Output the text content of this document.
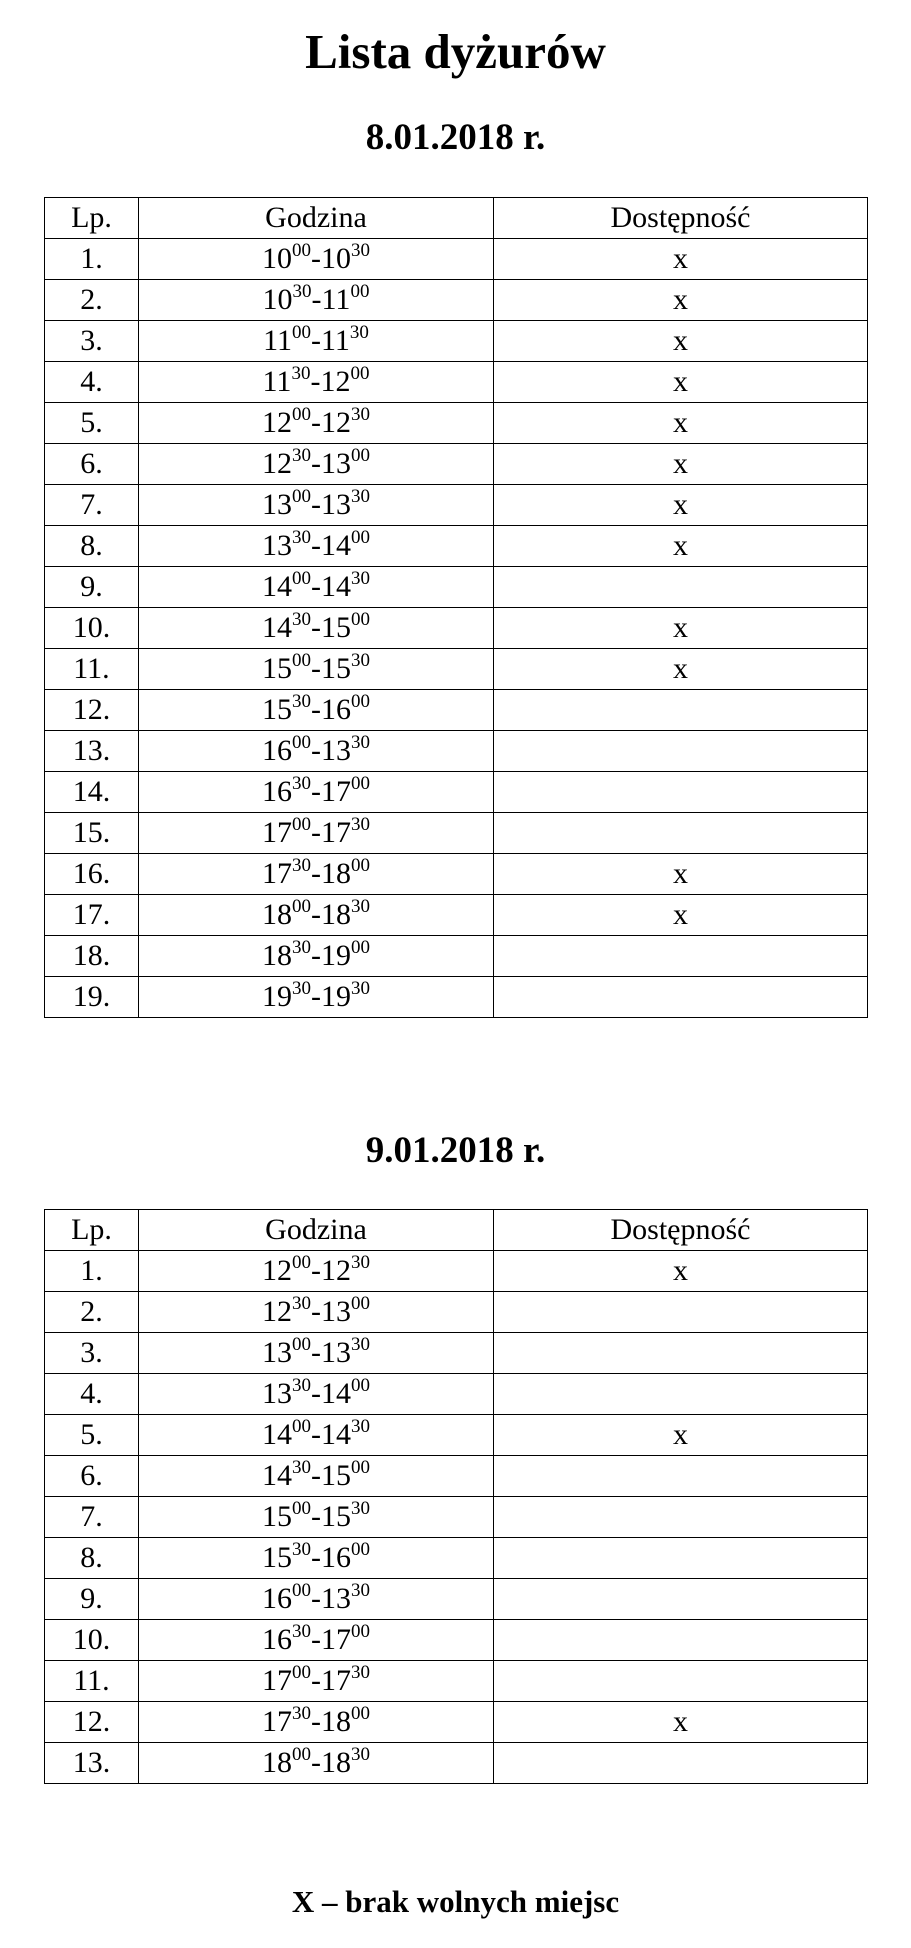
Lista dyżurów
8.01.2018 r.
Lp.	Godzina	Dostępność
1.	$10^{00}-10^{30}$	x
2.	$10^{30}-11^{00}$	x
3.	$11^{00}-11^{30}$	x
4.	$11^{30}-12^{00}$	x
5.	$12^{00}-12^{30}$	x
6.	$12^{30}-13^{00}$	x
7.	$13^{00}-13^{30}$	x
8.	$13^{30}-14^{00}$	x
9.	$14^{00}-14^{30}$	
10.	$14^{30}-15^{00}$	x
11.	$15^{00}-15^{30}$	x
12.	$15^{30}-16^{00}$	
13.	$16^{00}-13^{30}$	
14.	$16^{30}-17^{00}$	
15.	$17^{00}-17^{30}$	
16.	$17^{30}-18^{00}$	x
17.	$18^{00}-18^{30}$	x
18.	$18^{30}-19^{00}$	
19.	$19^{30}-19^{30}$	
9.01.2018 r.
Lp.	Godzina	Dostępność
1.	$12^{00}-12^{30}$	x
2.	$12^{30}-13^{00}$	
3.	$13^{00}-13^{30}$	
4.	$13^{30}-14^{00}$	
5.	$14^{00}-14^{30}$	x
6.	$14^{30}-15^{00}$	
7.	$15^{00}-15^{30}$	
8.	$15^{30}-16^{00}$	
9.	$16^{00}-13^{30}$	
10.	$16^{30}-17^{00}$	
11.	$17^{00}-17^{30}$	
12.	$17^{30}-18^{00}$	x
13.	$18^{00}-18^{30}$	
X – brak wolnych miejsc
